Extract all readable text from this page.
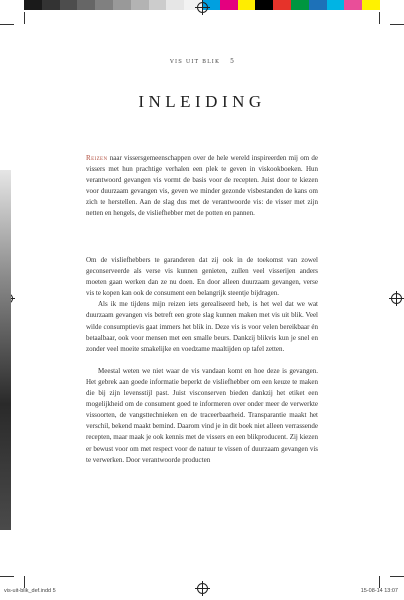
VIS UIT BLIK 5
INLEIDING

Reizen naar vissersgemeenschappen over de hele wereld inspireerden mij om de vissers met hun prachtige verhalen een plek te geven in viskookboeken. Hun verantwoord gevangen vis vormt de basis voor de recepten. Juist door te kiezen voor duurzaam gevangen vis, geven we minder gezonde visbestanden de kans om zich te herstellen. Aan de slag dus met de verantwoorde vis: de visser met zijn netten en hengels, de visliefhebber met de potten en pannen.

Om de visliefhebbers te garanderen dat zij ook in de toekomst van zowel geconserveerde als verse vis kunnen genieten, zullen veel visserijen anders moeten gaan werken dan ze nu doen. En door alleen duurzaam gevangen, verse vis te kopen kan ook de consument een belangrijk steentje bijdragen.

Als ik me tijdens mijn reizen iets gerealiseerd heb, is het wel dat we wat duurzaam gevangen vis betreft een grote slag kunnen maken met vis uit blik. Veel wilde consumptievis gaat immers het blik in. Deze vis is voor velen bereikbaar én betaalbaar, ook voor mensen met een smalle beurs. Dankzij blikvis kun je snel en zonder veel moeite smakelijke en voedzame maaltijden op tafel zetten.

Meestal weten we niet waar de vis vandaan komt en hoe deze is gevangen. Het gebrek aan goede informatie beperkt de visliefhebber om een keuze te maken die bij zijn levensstijl past. Juist visconserven bieden dankzij het etiket een mogelijkheid om de consument goed te informeren over onder meer de verwerkte vissoorten, de vangsttechnieken en de traceerbaarheid. Transparantie maakt het verschil, bekend maakt bemind. Daarom vind je in dit boek niet alleen verrassende recepten, maar maak je ook kennis met de vissers en een blikproducent. Zij kiezen er bewust voor om met respect voor de natuur te vissen of duurzaam gevangen vis te verwerken. Door verantwoorde producten

vis-uit-blik_def.indd 5	15-08-14 13:07
